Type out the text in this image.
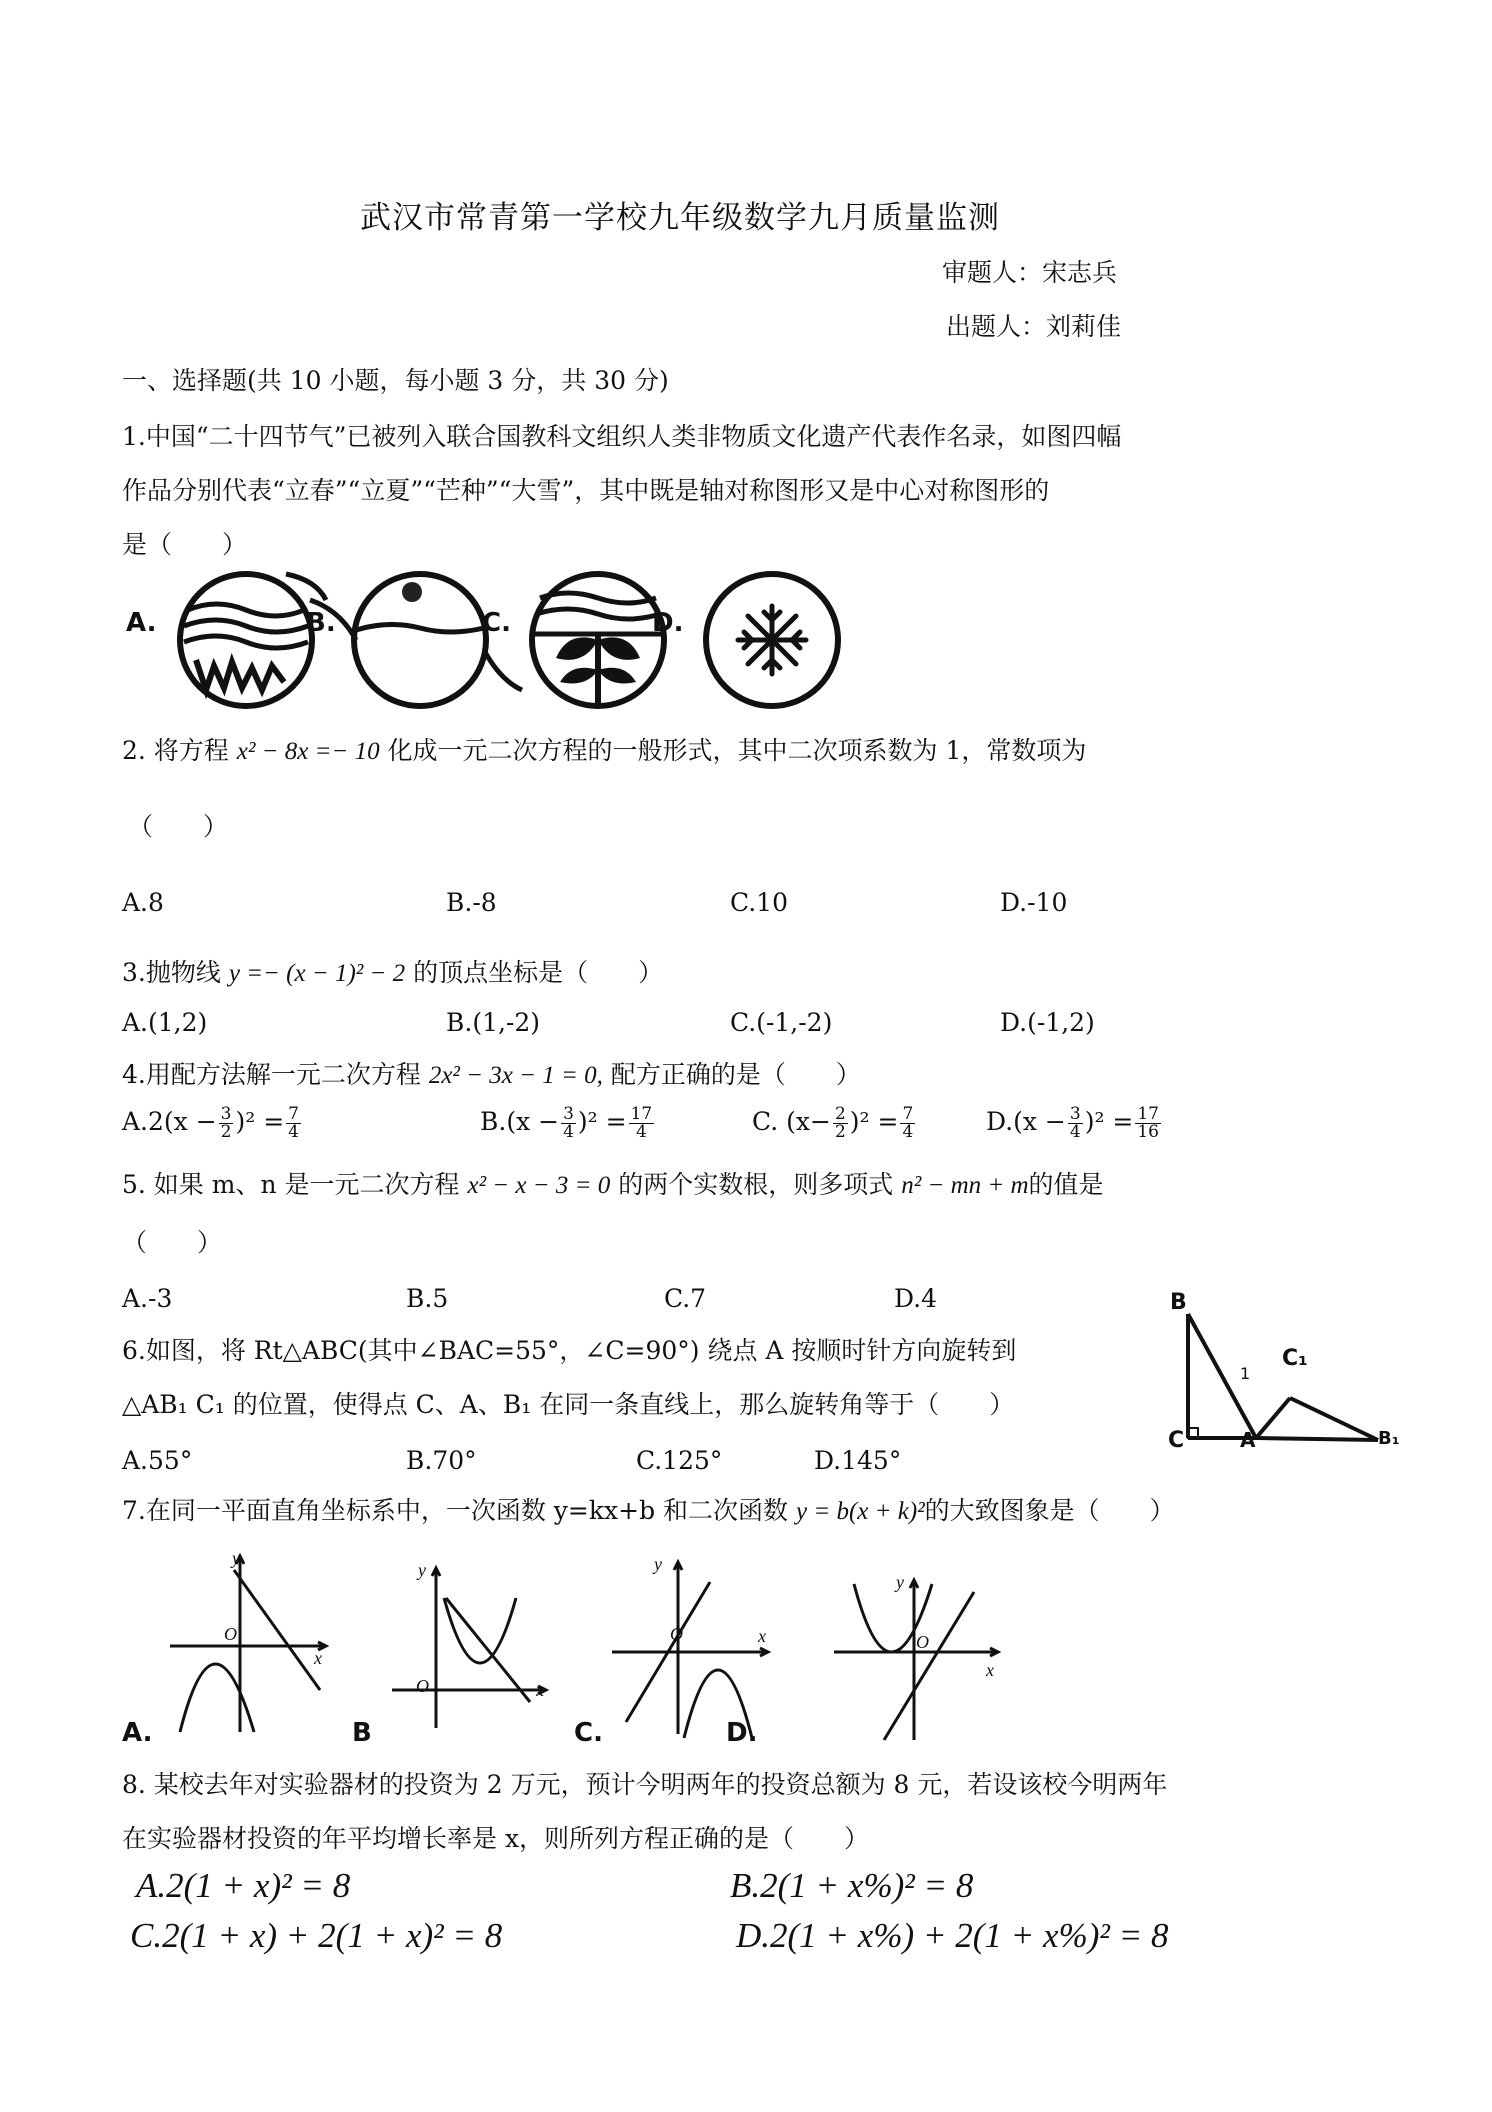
武汉市常青第一学校九年级数学九月质量监测
审题人：宋志兵
出题人：刘莉佳
一、选择题(共 10 小题，每小题 3 分，共 30 分)
1.中国“二十四节气”已被列入联合国教科文组织人类非物质文化遗产代表作名录，如图四幅
作品分别代表“立春”“立夏”“芒种”“大雪”，其中既是轴对称图形又是中心对称图形的
是（　　）
A.	B.	C.	D.
2. 将方程 x² − 8x =− 10 化成一元二次方程的一般形式，其中二次项系数为 1，常数项为
（　　）
A.8	B.-8	C.10	D.-10
3.抛物线 y =− (x − 1)² − 2 的顶点坐标是（　　）
A.(1,2)	B.(1,-2)	C.(-1,-2)	D.(-1,2)
4.用配方法解一元二次方程 2x² − 3x − 1 = 0, 配方正确的是（　　）
$A.2(x - \frac{3}{2} )^2 = \frac{7}{4}$	$B.(x - \frac{3}{4} )^2 = \frac{17}{4}$	C. $(x- \frac{2}{2} )^2 = \frac{7}{4}$	$D.(x - \frac{3}{4} )^2 = \frac{17}{16}$
5. 如果 m、n 是一元二次方程 x² − x − 3 = 0 的两个实数根，则多项式 n² − mn + m的值是
（　　）
A.-3	B.5	C.7	D.4
6.如图，将 Rt△ABC(其中∠BAC=55°，∠C=90°) 绕点 A 按顺时针方向旋转到
△AB₁ C₁ 的位置，使得点 C、A、B₁ 在同一条直线上，那么旋转角等于（　　）
A.55°	B.70°	C.125°	D.145°
B
C	A
C₁
B₁
1
7.在同一平面直角坐标系中，一次函数 y=kx+b 和二次函数 y = b(x + k)²的大致图象是（　　）
y
O
x
y
O	x
y
O	x
y
O
x
A.	B	C.	D.
8. 某校去年对实验器材的投资为 2 万元，预计今明两年的投资总额为 8 元，若设该校今明两年
在实验器材投资的年平均增长率是 x，则所列方程正确的是（　　）
A.2(1 + x)² = 8	B.2(1 + x%)² = 8
C.2(1 + x) + 2(1 + x)² = 8	D.2(1 + x%) + 2(1 + x%)² = 8
